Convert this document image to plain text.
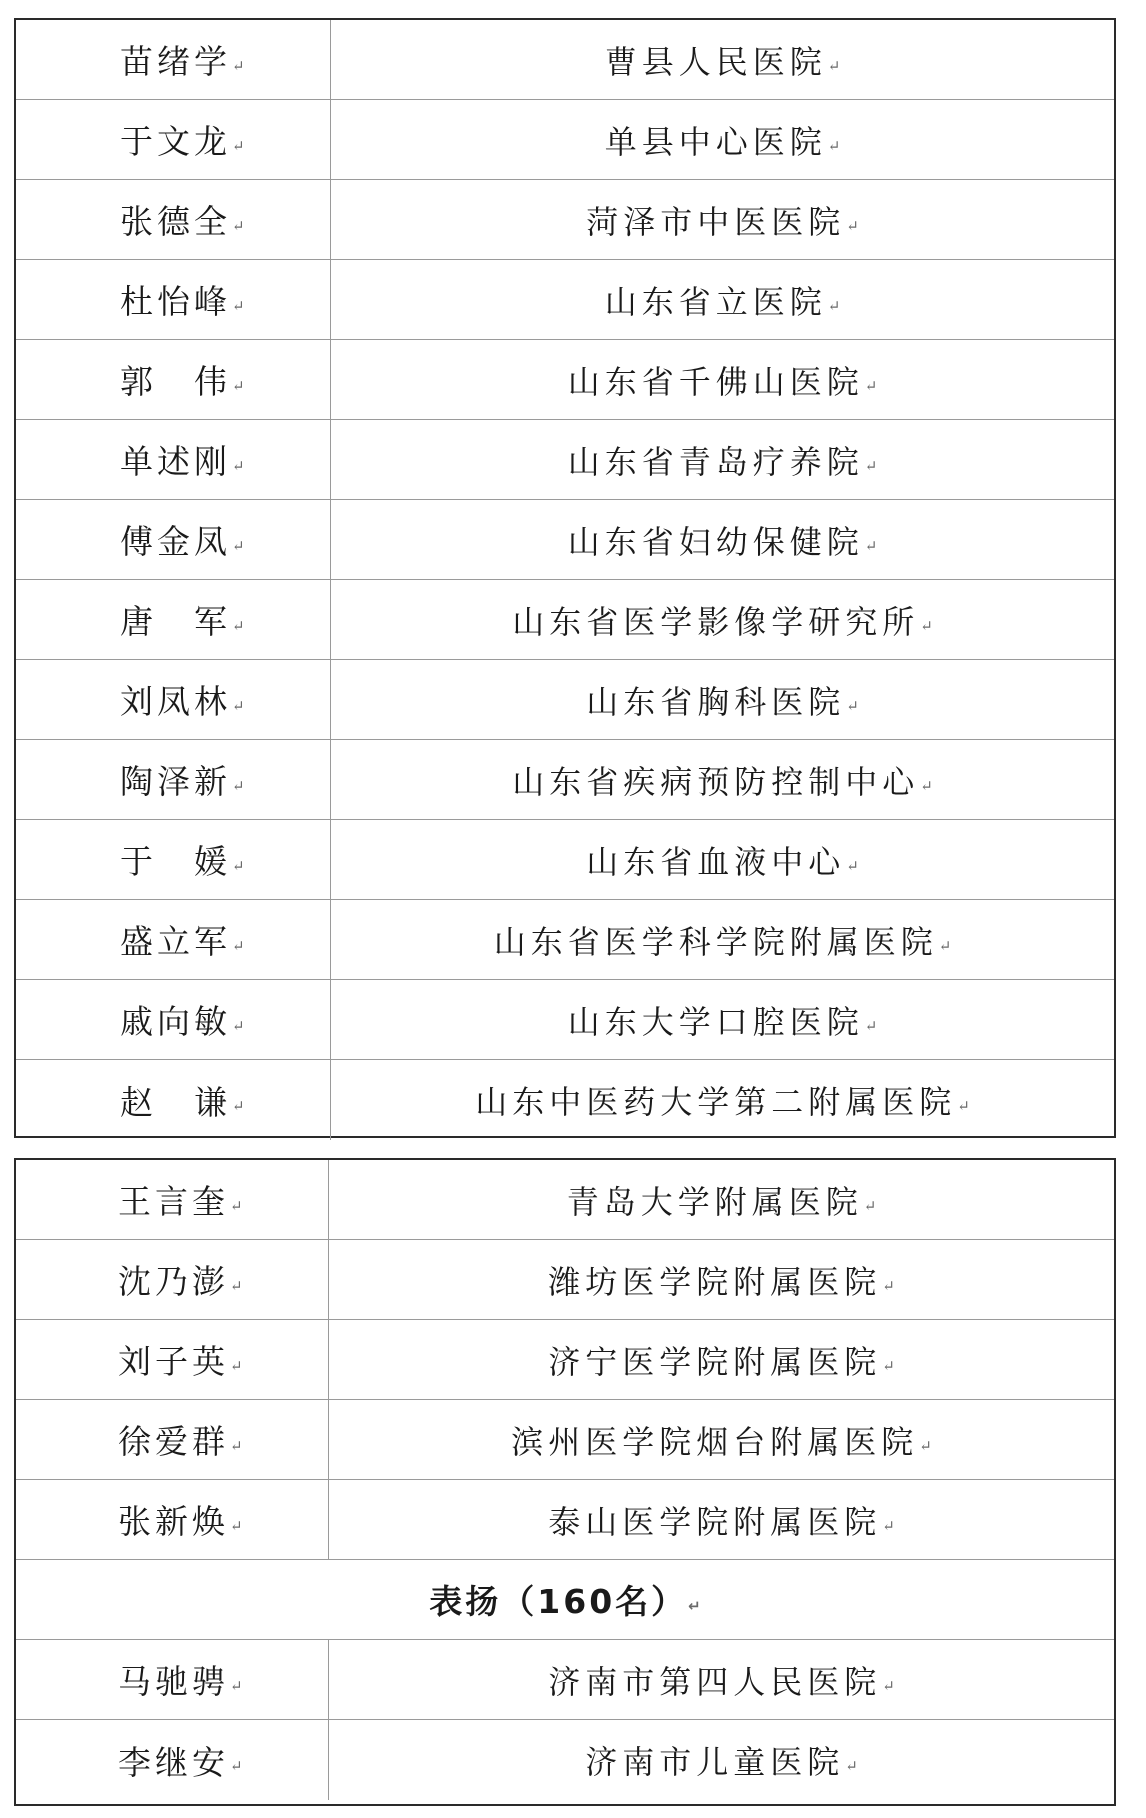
苗绪学 ↵	曹县人民医院 ↵
于文龙 ↵	单县中心医院 ↵
张德全 ↵	菏泽市中医医院 ↵
杜怡峰 ↵	山东省立医院 ↵
郭　伟 ↵	山东省千佛山医院 ↵
单述刚 ↵	山东省青岛疗养院 ↵
傅金凤 ↵	山东省妇幼保健院 ↵
唐　军 ↵	山东省医学影像学研究所 ↵
刘凤林 ↵	山东省胸科医院 ↵
陶泽新 ↵	山东省疾病预防控制中心 ↵
于　媛 ↵	山东省血液中心 ↵
盛立军 ↵	山东省医学科学院附属医院 ↵
戚向敏 ↵	山东大学口腔医院 ↵
赵　谦 ↵	山东中医药大学第二附属医院 ↵
王言奎 ↵	青岛大学附属医院 ↵
沈乃澎 ↵	潍坊医学院附属医院 ↵
刘子英 ↵	济宁医学院附属医院 ↵
徐爱群 ↵	滨州医学院烟台附属医院 ↵
张新焕 ↵	泰山医学院附属医院 ↵
表扬（160名） ↵
马驰骋 ↵	济南市第四人民医院 ↵
李继安 ↵	济南市儿童医院 ↵
